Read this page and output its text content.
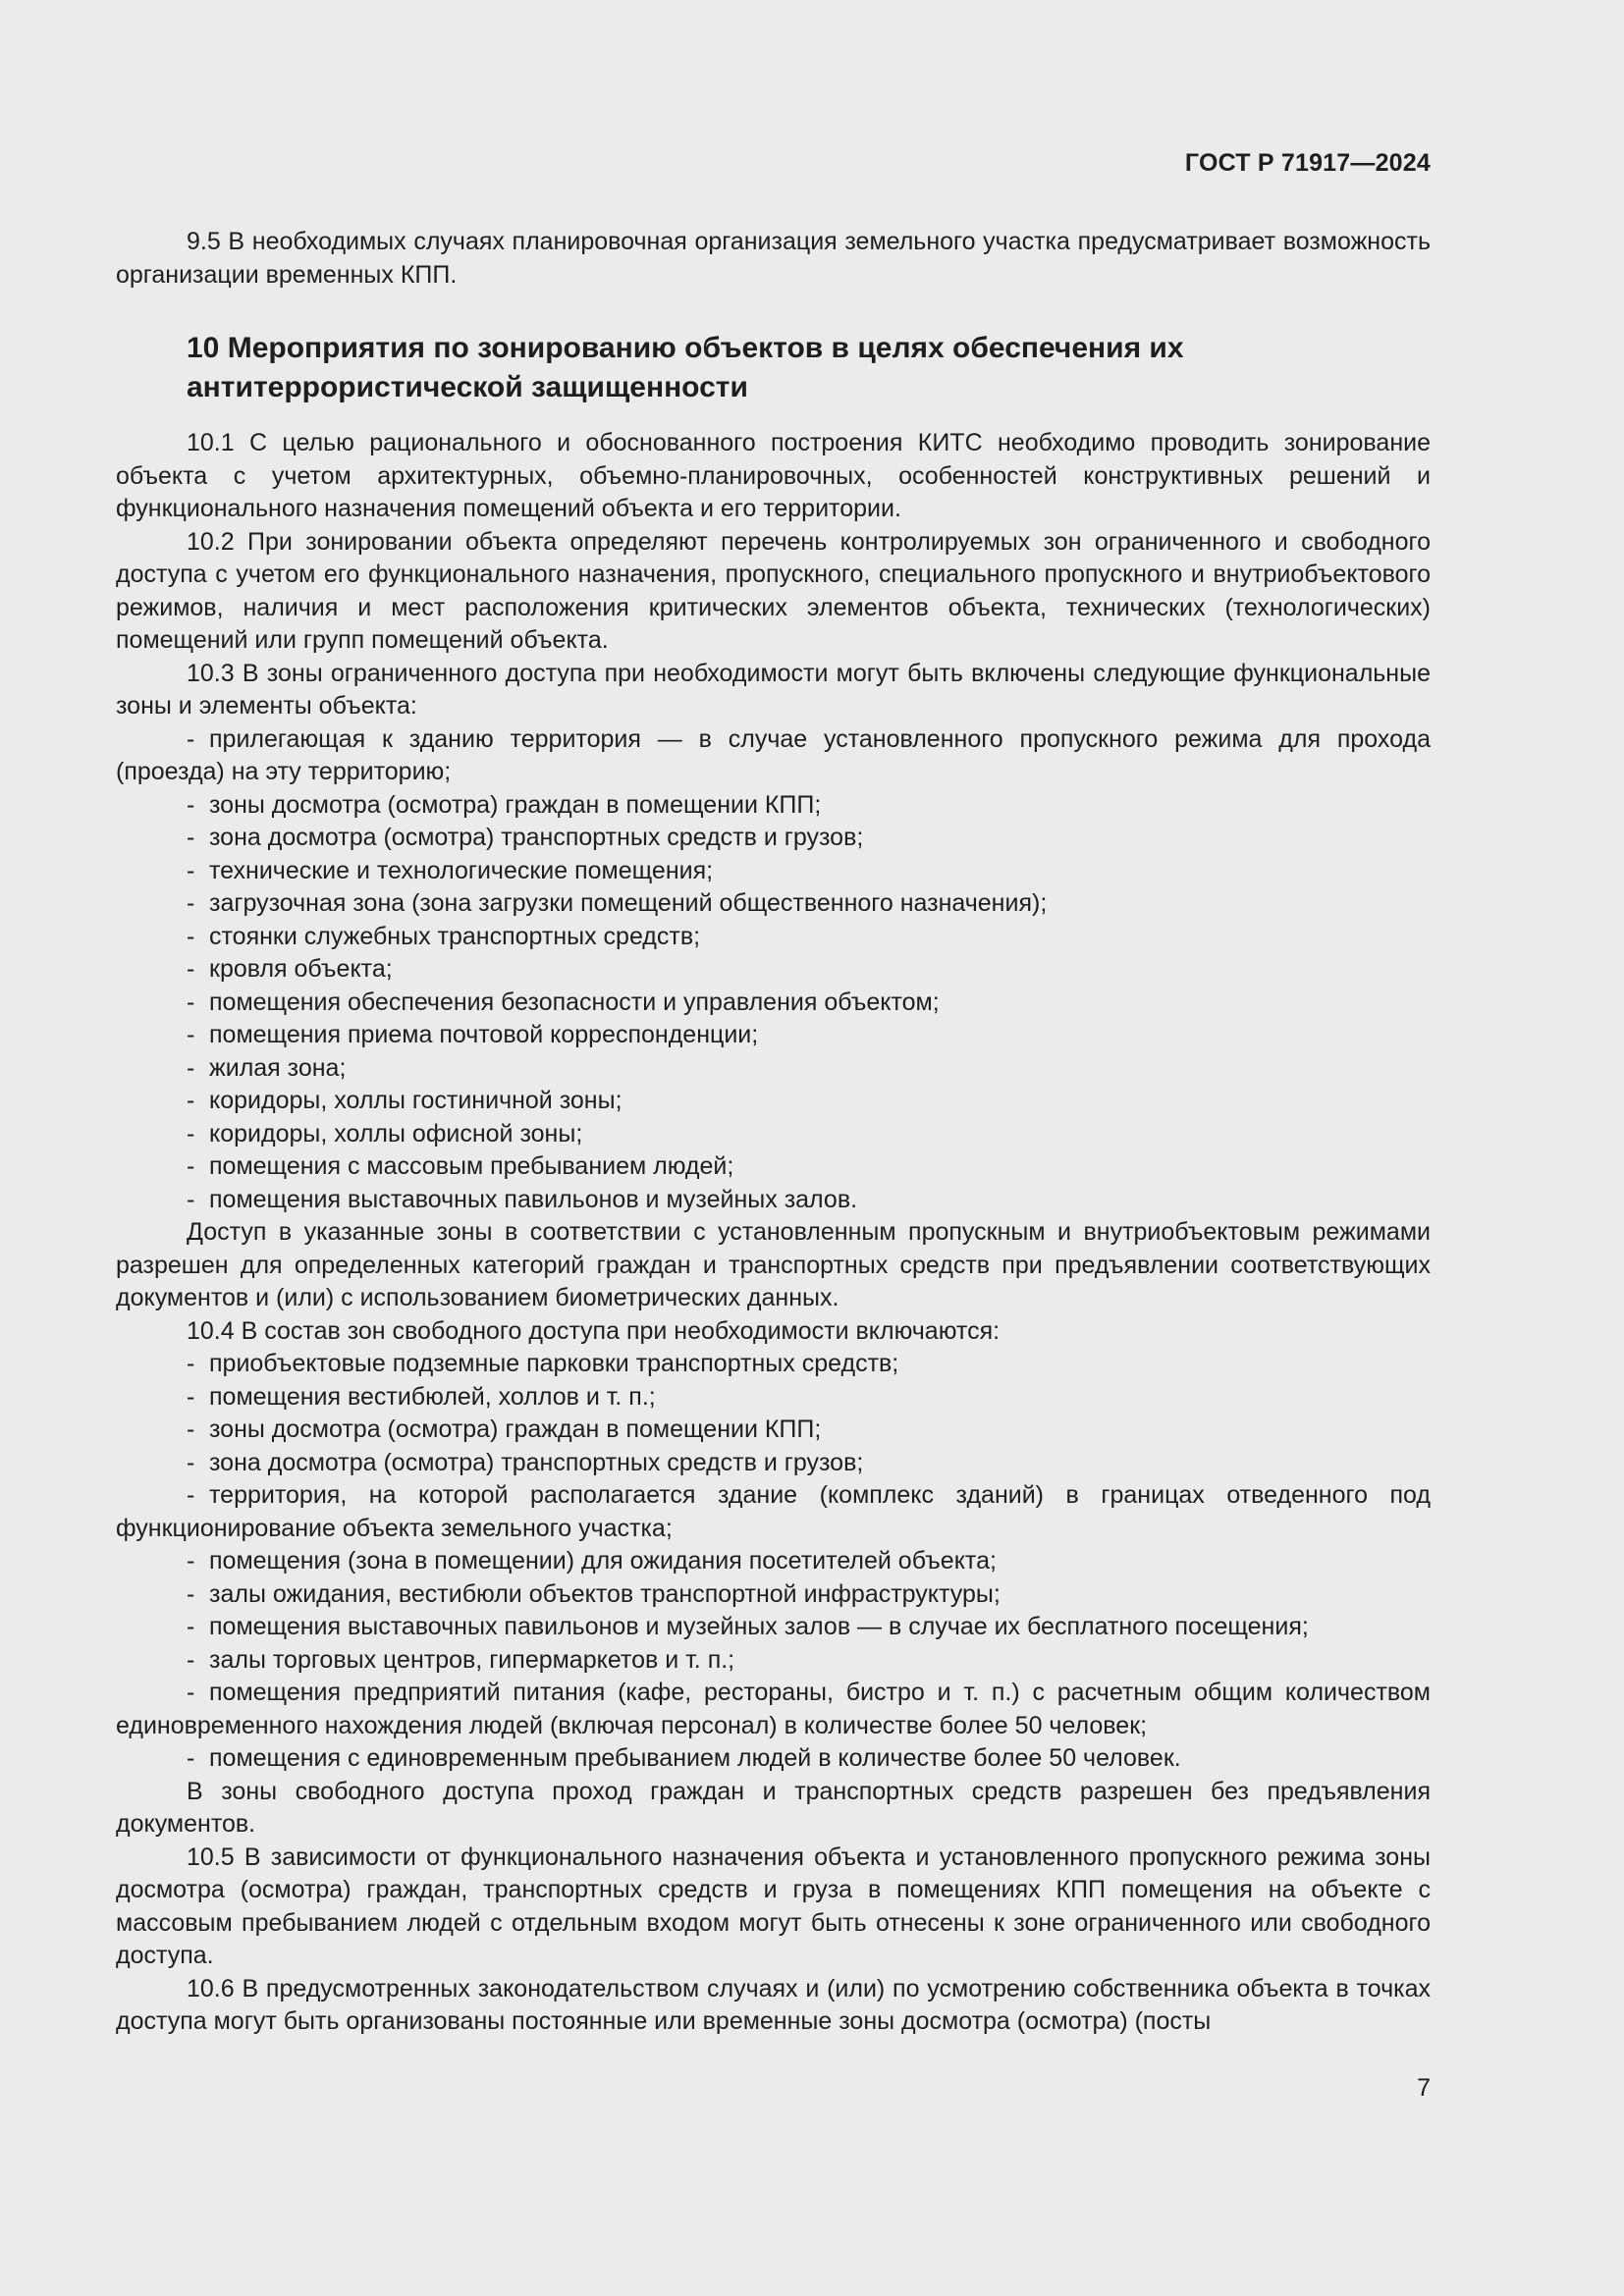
ГОСТ Р 71917—2024

9.5 В необходимых случаях планировочная организация земельного участка предусматривает возможность организации временных КПП.

10 Мероприятия по зонированию объектов в целях обеспечения их антитеррористической защищенности

10.1 С целью рационального и обоснованного построения КИТС необходимо проводить зонирование объекта с учетом архитектурных, объемно-планировочных, особенностей конструктивных решений и функционального назначения помещений объекта и его территории.

10.2 При зонировании объекта определяют перечень контролируемых зон ограниченного и свободного доступа с учетом его функционального назначения, пропускного, специального пропускного и внутриобъектового режимов, наличия и мест расположения критических элементов объекта, технических (технологических) помещений или групп помещений объекта.

10.3 В зоны ограниченного доступа при необходимости могут быть включены следующие функциональные зоны и элементы объекта:

- прилегающая к зданию территория — в случае установленного пропускного режима для прохода (проезда) на эту территорию;

- зоны досмотра (осмотра) граждан в помещении КПП;

- зона досмотра (осмотра) транспортных средств и грузов;

- технические и технологические помещения;

- загрузочная зона (зона загрузки помещений общественного назначения);

- стоянки служебных транспортных средств;

- кровля объекта;

- помещения обеспечения безопасности и управления объектом;

- помещения приема почтовой корреспонденции;

- жилая зона;

- коридоры, холлы гостиничной зоны;

- коридоры, холлы офисной зоны;

- помещения с массовым пребыванием людей;

- помещения выставочных павильонов и музейных залов.

Доступ в указанные зоны в соответствии с установленным пропускным и внутриобъектовым режимами разрешен для определенных категорий граждан и транспортных средств при предъявлении соответствующих документов и (или) с использованием биометрических данных.

10.4 В состав зон свободного доступа при необходимости включаются:

- приобъектовые подземные парковки транспортных средств;

- помещения вестибюлей, холлов и т. п.;

- зоны досмотра (осмотра) граждан в помещении КПП;

- зона досмотра (осмотра) транспортных средств и грузов;

- территория, на которой располагается здание (комплекс зданий) в границах отведенного под функционирование объекта земельного участка;

- помещения (зона в помещении) для ожидания посетителей объекта;

- залы ожидания, вестибюли объектов транспортной инфраструктуры;

- помещения выставочных павильонов и музейных залов — в случае их бесплатного посещения;

- залы торговых центров, гипермаркетов и т. п.;

- помещения предприятий питания (кафе, рестораны, бистро и т. п.) с расчетным общим количеством единовременного нахождения людей (включая персонал) в количестве более 50 человек;

- помещения с единовременным пребыванием людей в количестве более 50 человек.

В зоны свободного доступа проход граждан и транспортных средств разрешен без предъявления документов.

10.5 В зависимости от функционального назначения объекта и установленного пропускного режима зоны досмотра (осмотра) граждан, транспортных средств и груза в помещениях КПП помещения на объекте с массовым пребыванием людей с отдельным входом могут быть отнесены к зоне ограниченного или свободного доступа.

10.6 В предусмотренных законодательством случаях и (или) по усмотрению собственника объекта в точках доступа могут быть организованы постоянные или временные зоны досмотра (осмотра) (посты

7
